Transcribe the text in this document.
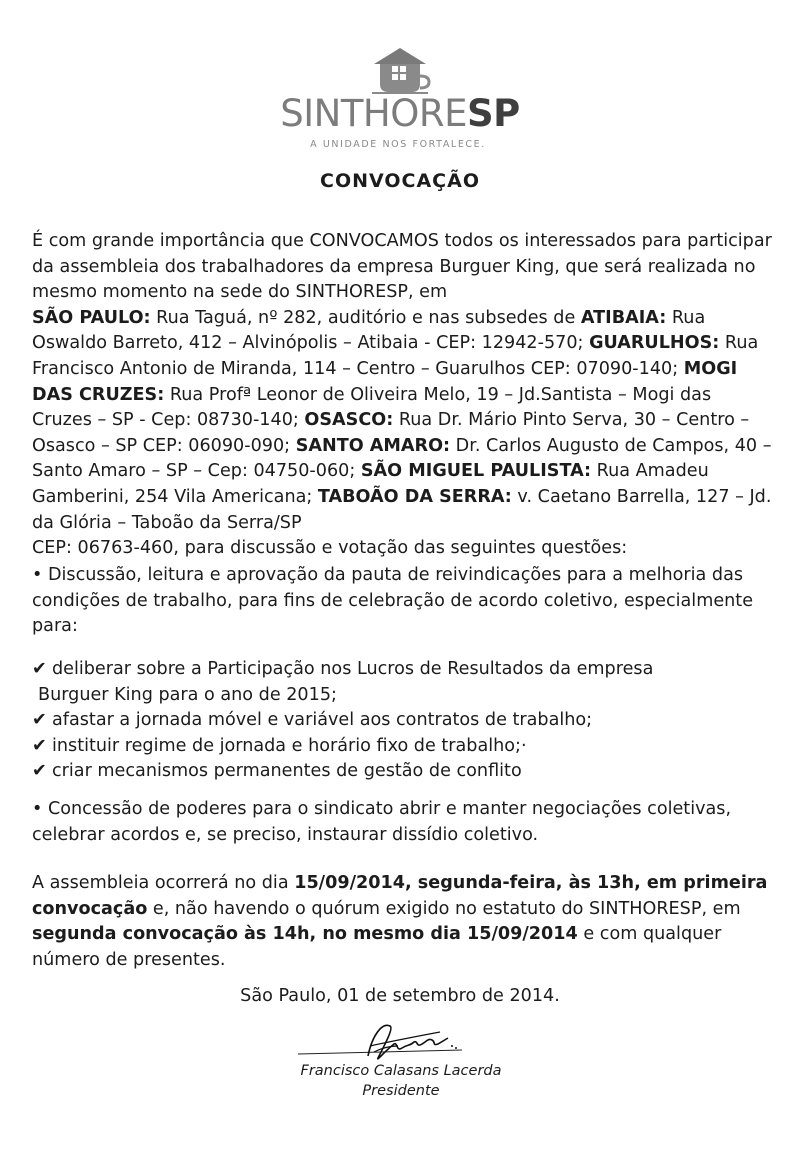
SINTHORESP
A UNIDADE NOS FORTALECE.
CONVOCAÇÃO
É com grande importância que CONVOCAMOS todos os interessados para participar da assembleia dos trabalhadores da empresa Burguer King, que será realizada no mesmo momento na sede do SINTHORESP, em
SÃO PAULO: Rua Taguá, nº 282, auditório e nas subsedes de ATIBAIA: Rua Oswaldo Barreto, 412 – Alvinópolis – Atibaia - CEP: 12942-570; GUARULHOS: Rua Francisco Antonio de Miranda, 114 – Centro – Guarulhos CEP: 07090-140; MOGI DAS CRUZES: Rua Profª Leonor de Oliveira Melo, 19 – Jd.Santista – Mogi das Cruzes – SP - Cep: 08730-140; OSASCO: Rua Dr. Mário Pinto Serva, 30 – Centro – Osasco – SP CEP: 06090-090; SANTO AMARO: Dr. Carlos Augusto de Campos, 40 – Santo Amaro – SP – Cep: 04750-060; SÃO MIGUEL PAULISTA: Rua Amadeu Gamberini, 254 Vila Americana; TABOÃO DA SERRA: v. Caetano Barrella, 127 – Jd. da Glória – Taboão da Serra/SP
CEP: 06763-460, para discussão e votação das seguintes questões:
• Discussão, leitura e aprovação da pauta de reivindicações para a melhoria das condições de trabalho, para fins de celebração de acordo coletivo, especialmente para:
✔ deliberar sobre a Participação nos Lucros de Resultados da empresa
Burguer King para o ano de 2015;
✔ afastar a jornada móvel e variável aos contratos de trabalho;
✔ instituir regime de jornada e horário fixo de trabalho;·
✔ criar mecanismos permanentes de gestão de conflito
• Concessão de poderes para o sindicato abrir e manter negociações coletivas, celebrar acordos e, se preciso, instaurar dissídio coletivo.
A assembleia ocorrerá no dia 15/09/2014, segunda-feira, às 13h, em primeira convocação e, não havendo o quórum exigido no estatuto do SINTHORESP, em segunda convocação às 14h, no mesmo dia 15/09/2014 e com qualquer número de presentes.
São Paulo, 01 de setembro de 2014.
Francisco Calasans Lacerda
Presidente
